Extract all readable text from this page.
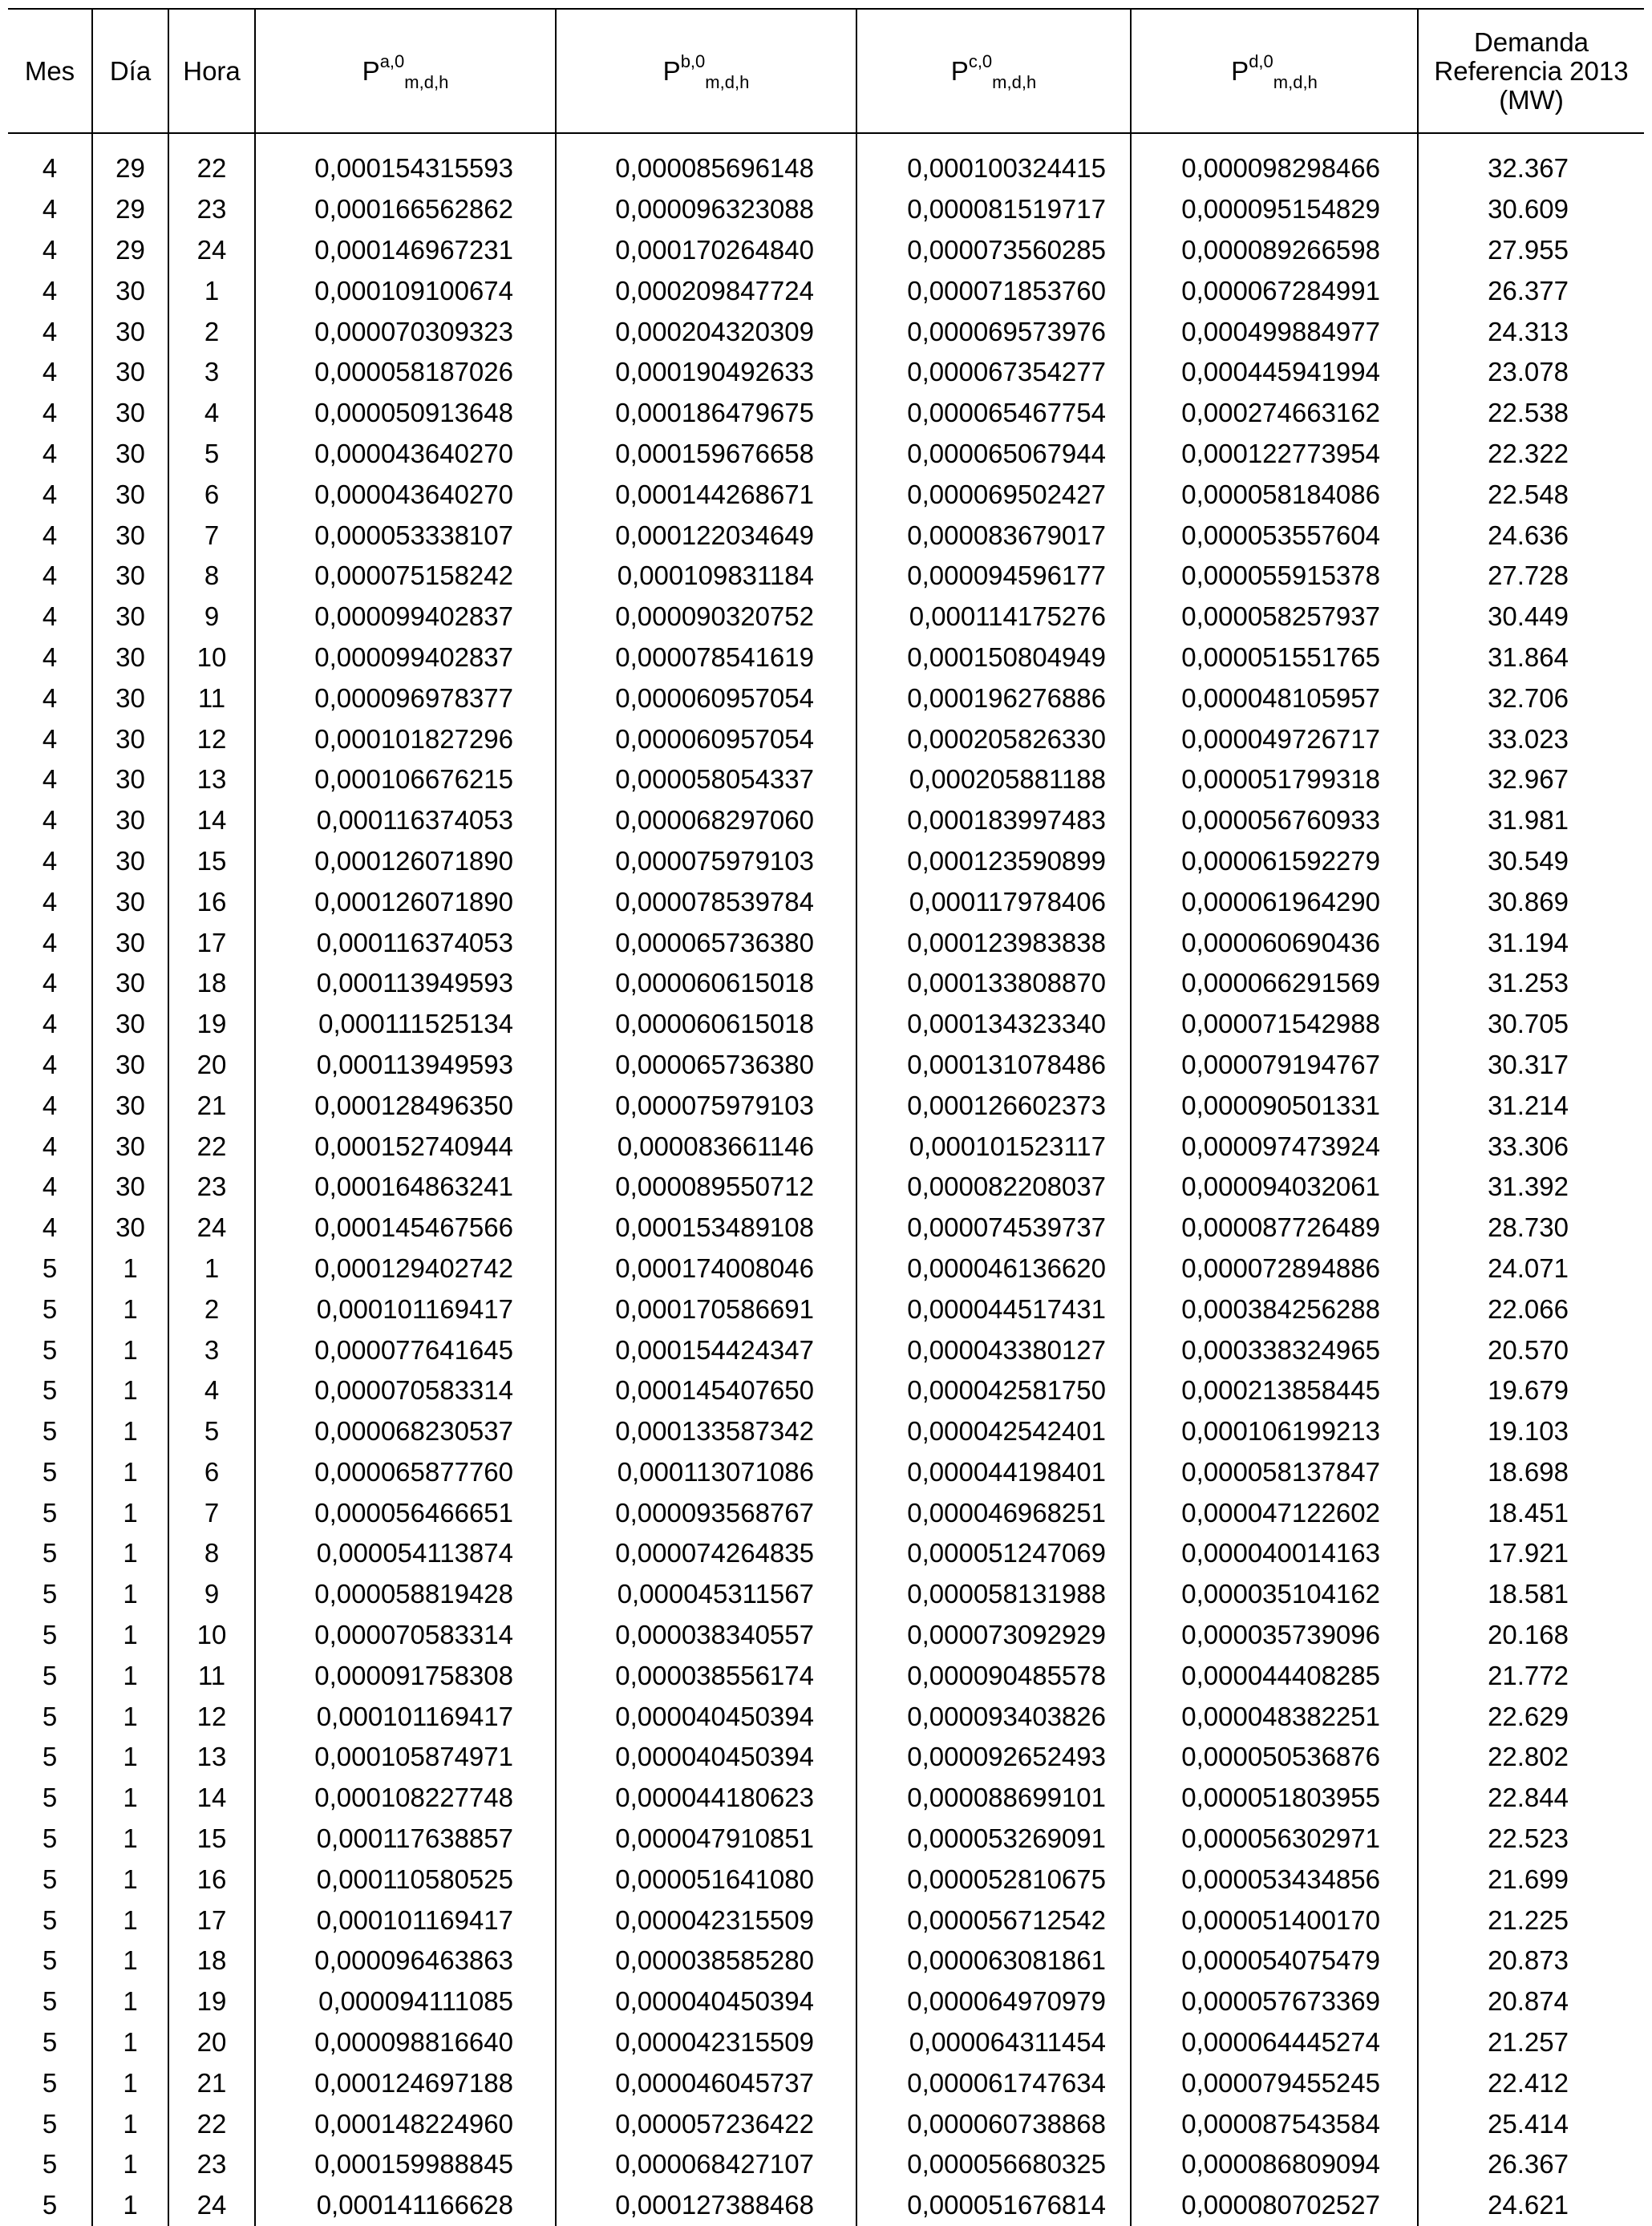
Mes	Día	Hora	P$^{a,0}_{m,d,h}$	P$^{b,0}_{m,d,h}$	P$^{c,0}_{m,d,h}$	P$^{d,0}_{m,d,h}$	Demanda
Referencia 2013
(MW)

4	29	22	0,000154315593	0,000085696148	0,000100324415	0,000098298466	32.367
4	29	23	0,000166562862	0,000096323088	0,000081519717	0,000095154829	30.609
4	29	24	0,000146967231	0,000170264840	0,000073560285	0,000089266598	27.955
4	30	1	0,000109100674	0,000209847724	0,000071853760	0,000067284991	26.377
4	30	2	0,000070309323	0,000204320309	0,000069573976	0,000499884977	24.313
4	30	3	0,000058187026	0,000190492633	0,000067354277	0,000445941994	23.078
4	30	4	0,000050913648	0,000186479675	0,000065467754	0,000274663162	22.538
4	30	5	0,000043640270	0,000159676658	0,000065067944	0,000122773954	22.322
4	30	6	0,000043640270	0,000144268671	0,000069502427	0,000058184086	22.548
4	30	7	0,000053338107	0,000122034649	0,000083679017	0,000053557604	24.636
4	30	8	0,000075158242	0,000109831184	0,000094596177	0,000055915378	27.728
4	30	9	0,000099402837	0,000090320752	0,000114175276	0,000058257937	30.449
4	30	10	0,000099402837	0,000078541619	0,000150804949	0,000051551765	31.864
4	30	11	0,000096978377	0,000060957054	0,000196276886	0,000048105957	32.706
4	30	12	0,000101827296	0,000060957054	0,000205826330	0,000049726717	33.023
4	30	13	0,000106676215	0,000058054337	0,000205881188	0,000051799318	32.967
4	30	14	0,000116374053	0,000068297060	0,000183997483	0,000056760933	31.981
4	30	15	0,000126071890	0,000075979103	0,000123590899	0,000061592279	30.549
4	30	16	0,000126071890	0,000078539784	0,000117978406	0,000061964290	30.869
4	30	17	0,000116374053	0,000065736380	0,000123983838	0,000060690436	31.194
4	30	18	0,000113949593	0,000060615018	0,000133808870	0,000066291569	31.253
4	30	19	0,000111525134	0,000060615018	0,000134323340	0,000071542988	30.705
4	30	20	0,000113949593	0,000065736380	0,000131078486	0,000079194767	30.317
4	30	21	0,000128496350	0,000075979103	0,000126602373	0,000090501331	31.214
4	30	22	0,000152740944	0,000083661146	0,000101523117	0,000097473924	33.306
4	30	23	0,000164863241	0,000089550712	0,000082208037	0,000094032061	31.392
4	30	24	0,000145467566	0,000153489108	0,000074539737	0,000087726489	28.730
5	1	1	0,000129402742	0,000174008046	0,000046136620	0,000072894886	24.071
5	1	2	0,000101169417	0,000170586691	0,000044517431	0,000384256288	22.066
5	1	3	0,000077641645	0,000154424347	0,000043380127	0,000338324965	20.570
5	1	4	0,000070583314	0,000145407650	0,000042581750	0,000213858445	19.679
5	1	5	0,000068230537	0,000133587342	0,000042542401	0,000106199213	19.103
5	1	6	0,000065877760	0,000113071086	0,000044198401	0,000058137847	18.698
5	1	7	0,000056466651	0,000093568767	0,000046968251	0,000047122602	18.451
5	1	8	0,000054113874	0,000074264835	0,000051247069	0,000040014163	17.921
5	1	9	0,000058819428	0,000045311567	0,000058131988	0,000035104162	18.581
5	1	10	0,000070583314	0,000038340557	0,000073092929	0,000035739096	20.168
5	1	11	0,000091758308	0,000038556174	0,000090485578	0,000044408285	21.772
5	1	12	0,000101169417	0,000040450394	0,000093403826	0,000048382251	22.629
5	1	13	0,000105874971	0,000040450394	0,000092652493	0,000050536876	22.802
5	1	14	0,000108227748	0,000044180623	0,000088699101	0,000051803955	22.844
5	1	15	0,000117638857	0,000047910851	0,000053269091	0,000056302971	22.523
5	1	16	0,000110580525	0,000051641080	0,000052810675	0,000053434856	21.699
5	1	17	0,000101169417	0,000042315509	0,000056712542	0,000051400170	21.225
5	1	18	0,000096463863	0,000038585280	0,000063081861	0,000054075479	20.873
5	1	19	0,000094111085	0,000040450394	0,000064970979	0,000057673369	20.874
5	1	20	0,000098816640	0,000042315509	0,000064311454	0,000064445274	21.257
5	1	21	0,000124697188	0,000046045737	0,000061747634	0,000079455245	22.412
5	1	22	0,000148224960	0,000057236422	0,000060738868	0,000087543584	25.414
5	1	23	0,000159988845	0,000068427107	0,000056680325	0,000086809094	26.367
5	1	24	0,000141166628	0,000127388468	0,000051676814	0,000080702527	24.621
